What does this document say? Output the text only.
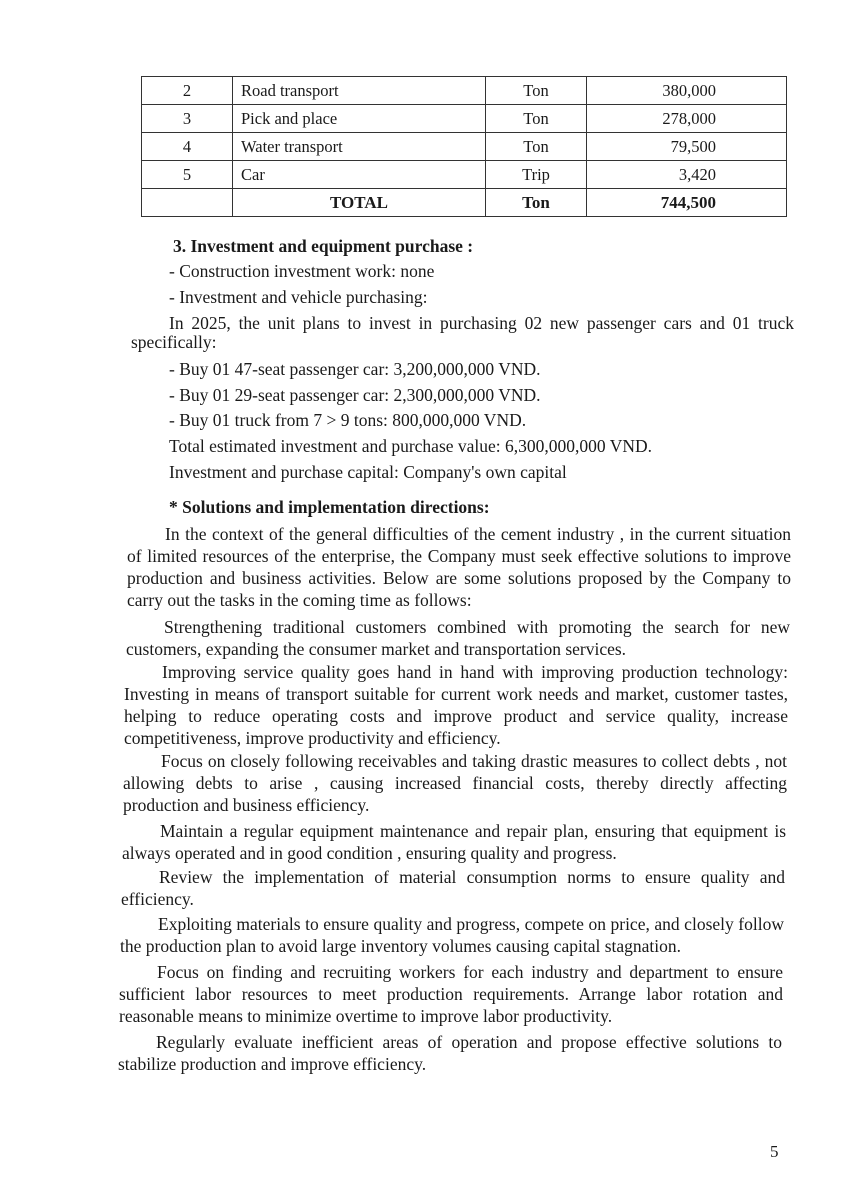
2	Road transport	Ton	380,000
3	Pick and place	Ton	278,000
4	Water transport	Ton	79,500
5	Car	Trip	3,420
	TOTAL	Ton	744,500
3. Investment and equipment purchase :
- Construction investment work: none
- Investment and vehicle purchasing:
In 2025, the unit plans to invest in purchasing 02 new passenger cars and 01 truck specifically:
- Buy 01 47-seat passenger car: 3,200,000,000 VND.
- Buy 01 29-seat passenger car: 2,300,000,000 VND.
- Buy 01 truck from 7 > 9 tons: 800,000,000 VND.
Total estimated investment and purchase value: 6,300,000,000 VND.
Investment and purchase capital: Company's own capital
* Solutions and implementation directions:
In the context of the general difficulties of the cement industry , in the current situation of limited resources of the enterprise, the Company must seek effective solutions to improve production and business activities. Below are some solutions proposed by the Company to carry out the tasks in the coming time as follows:
Strengthening traditional customers combined with promoting the search for new customers, expanding the consumer market and transportation services.
Improving service quality goes hand in hand with improving production technology: Investing in means of transport suitable for current work needs and market, customer tastes, helping to reduce operating costs and improve product and service quality, increase competitiveness, improve productivity and efficiency.
Focus on closely following receivables and taking drastic measures to collect debts , not allowing debts to arise , causing increased financial costs, thereby directly affecting production and business efficiency.
Maintain a regular equipment maintenance and repair plan, ensuring that equipment is always operated and in good condition , ensuring quality and progress.
Review the implementation of material consumption norms to ensure quality and efficiency.
Exploiting materials to ensure quality and progress, compete on price, and closely follow the production plan to avoid large inventory volumes causing capital stagnation.
Focus on finding and recruiting workers for each industry and department to ensure sufficient labor resources to meet production requirements. Arrange labor rotation and reasonable means to minimize overtime to improve labor productivity.
Regularly evaluate inefficient areas of operation and propose effective solutions to stabilize production and improve efficiency.
5
